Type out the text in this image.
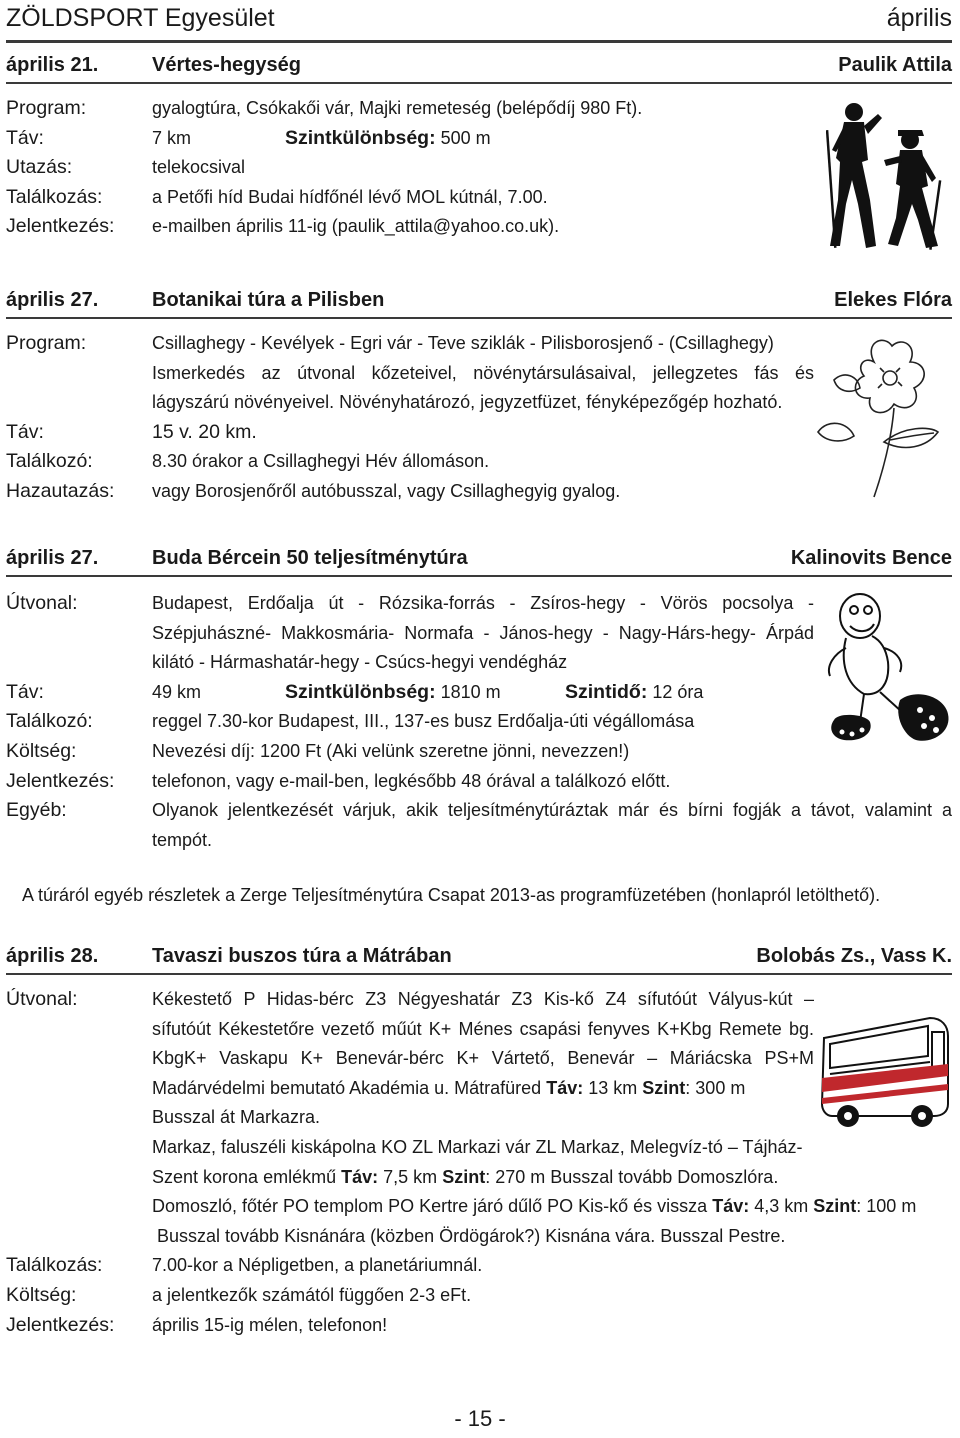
ZÖLDSPORT Egyesület	április
április 21.	Vértes-hegység	Paulik Attila
Program:	gyalogtúra, Csókakői vár, Majki remeteség (belépődíj 980 Ft).
Táv:	7 km	Szintkülönbség: 500 m
Utazás:	telekocsival
Találkozás:	a Petőfi híd Budai hídfőnél lévő MOL kútnál, 7.00.
Jelentkezés: e-mailben április 11-ig (paulik_attila@yahoo.co.uk).
április 27.	Botanikai túra a Pilisben	Elekes Flóra
Program:	Csillaghegy - Kevélyek - Egri vár - Teve sziklák - Pilisborosjenő - (Csillaghegy)
Ismerkedés az útvonal kőzeteivel, növénytársulásaival, jellegzetes fás és
lágyszárú növényeivel. Növényhatározó, jegyzetfüzet, fényképezőgép hozható.
Táv:	15 v. 20 km.
Találkozó:	8.30 órakor a Csillaghegyi Hév állomáson.
Hazautazás: vagy Borosjenőről autóbusszal, vagy Csillaghegyig gyalog.
április 27.	Buda Bércein 50 teljesítménytúra	Kalinovits Bence
Útvonal:	Budapest, Erdőalja út - Rózsika-forrás - Zsíros-hegy - Vörös pocsolya -
Szépjuhászné- Makkosmária- Normafa - János-hegy - Nagy-Hárs-hegy- Árpád
kilátó - Hármashatár-hegy - Csúcs-hegyi vendégház
Táv:	49 km	Szintkülönbség: 1810 m	Szintidő: 12 óra
Találkozó:	reggel 7.30-kor Budapest, III., 137-es busz Erdőalja-úti végállomása
Költség:	Nevezési díj: 1200 Ft (Aki velünk szeretne jönni, nevezzen!)
Jelentkezés: telefonon, vagy e-mail-ben, legkésőbb 48 órával a találkozó előtt.
Egyéb:	Olyanok jelentkezését várjuk, akik teljesítménytúráztak már és bírni fogják a távot, valamint a
tempót.
A túráról egyéb részletek a Zerge Teljesítménytúra Csapat 2013-as programfüzetében (honlapról letölthető).
április 28.	Tavaszi buszos túra a Mátrában	Bolobás Zs., Vass K.
Útvonal:	Kékestető P Hidas-bérc Z3 Négyeshatár Z3 Kis-kő Z4 sífutóút Vályus-kút –
sífutóút Kékestetőre vezető műút K+ Ménes csapási fenyves K+Kbg Remete bg.
KbgK+ Vaskapu K+ Benevár-bérc K+ Vártető, Benevár – Máriácska PS+M
Madárvédelmi bemutató Akadémia u. Mátrafüred Táv: 13 km Szint: 300 m
Busszal át Markazra.
Markaz, faluszéli kiskápolna KO ZL Markazi vár ZL Markaz, Melegvíz-tó – Tájház-
Szent korona emlékmű Táv: 7,5 km Szint: 270 m Busszal tovább Domoszlóra.
Domoszló, főtér PO templom PO Kertre járó dűlő PO Kis-kő és vissza Táv: 4,3 km Szint: 100 m
Busszal tovább Kisnánára (közben Ördögárok?) Kisnána vára. Busszal Pestre.
Találkozás:	7.00-kor a Népligetben, a planetáriumnál.
Költség:	a jelentkezők számától függően 2-3 eFt.
Jelentkezés: április 15-ig mélen, telefonon!
- 15 -
